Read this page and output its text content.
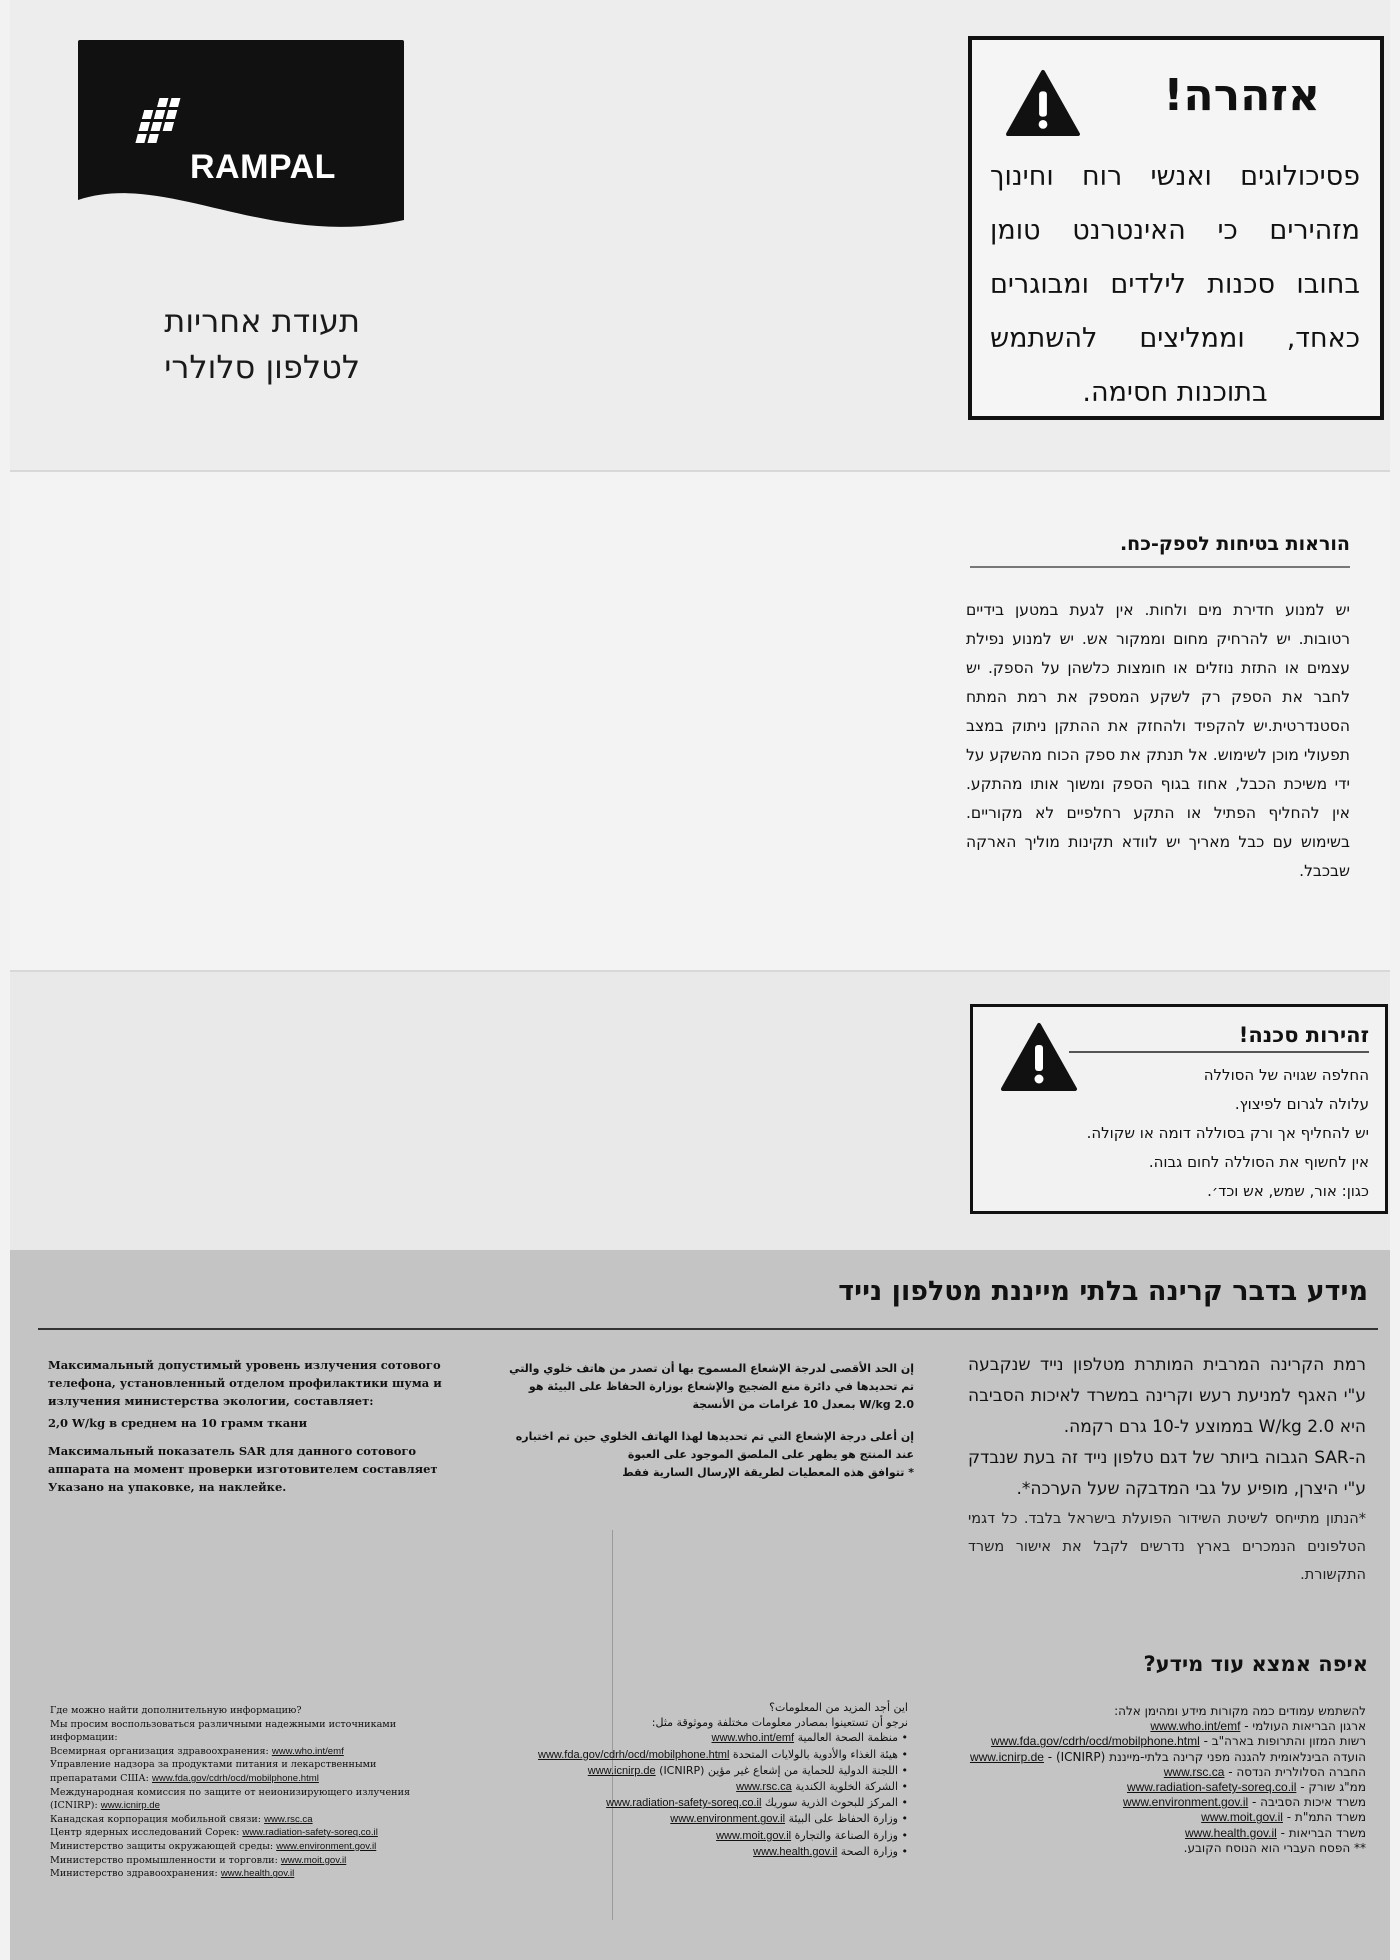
RAMPAL
תעודת אחריות
לטלפון סלולרי
אזהרה!
פסיכולוגים ואנשי רוח וחינוך מזהירים כי האינטרנט טומן בחובו סכנות לילדים ומבוגרים כאחד, וממליצים להשתמש בתוכנות חסימה.
הוראות בטיחות לספק-כח.
יש למנוע חדירת מים ולחות. אין לגעת במטען בידיים רטובות. יש להרחיק מחום וממקור אש. יש למנוע נפילת עצמים או התזת נוזלים או חומצות כלשהן על הספק. יש לחבר את הספק רק לשקע המספק את רמת המתח הסטנדרטית.יש להקפיד ולהחזק את ההתקן ניתוק במצב תפעולי מוכן לשימוש. אל תנתק את ספק הכוח מהשקע על ידי משיכת הכבל, אחוז בגוף הספק ומשוך אותו מהתקע. אין להחליף הפתיל או התקע רחלפיים לא מקוריים. בשימוש עם כבל מאריך יש לוודא תקינות מוליך הארקה שבכבל.
זהירות סכנה!
החלפה שגויה של הסוללה
עלולה לגרום לפיצוץ.
יש להחליף אך ורק בסוללה דומה או שקולה.
אין לחשוף את הסוללה לחום גבוה.
כגון: אור, שמש, אש וכד׳.
מידע בדבר קרינה בלתי מייננת מטלפון נייד
רמת הקרינה המרבית המותרת מטלפון נייד שנקבעה ע"י האגף למניעת רעש וקרינה במשרד לאיכות הסביבה היא 2.0 W/kg בממוצע ל-10 גרם רקמה.
ה-SAR הגבוה ביותר של דגם טלפון נייד זה בעת שנבדק ע"י היצרן, מופיע על גבי המדבקה שעל הערכה*.
*הנתון מתייחס לשיטת השידור הפועלת בישראל בלבד. כל דגמי הטלפונים הנמכרים בארץ נדרשים לקבל את אישור משרד התקשורת.
إن الحد الأقصى لدرجة الإشعاع المسموح بها أن تصدر من هاتف خلوي والتي تم تحديدها في دائرة منع الضجيج والإشعاع بوزارة الحفاظ على البيئة هو
2.0 W/kg بمعدل 10 غرامات من الأنسجة
إن أعلى درجة الإشعاع التي تم تحديدها لهذا الهاتف الخلوي حين تم اختباره عند المنتج هو يظهر على الملصق الموجود على العبوة
* تتوافق هذه المعطيات لطريقة الإرسال السارية فقط
Максимальный допустимый уровень излучения сотового телефона, установленный отделом профилактики шума и излучения министерства экологии, составляет:
2,0 W/kg в среднем на 10 грамм ткани
Максимальный показатель SAR для данного сотового аппарата на момент проверки изготовителем составляет Указано на упаковке, на наклейке.
איפה אמצא עוד מידע?
להשתמש עמודים כמה מקורות מידע ומהימן אלה:
ארגון הבריאות העולמי - www.who.int/emf
רשות המזון והתרופות בארה"ב - www.fda.gov/cdrh/ocd/mobilphone.html
הועדה הבינלאומית להגנה מפני קרינה בלתי-מייננת (ICNIRP) - www.icnirp.de
החברה הסלולרית הנדסה - www.rsc.ca
ממ"ג שורק - www.radiation-safety-soreq.co.il
משרד איכות הסביבה - www.environment.gov.il
משרד התמ"ת - www.moit.gov.il
משרד הבריאות - www.health.gov.il
** הפסח העברי הוא הנוסח הקובע.
اين أجد المزيد من المعلومات؟
نرجو أن تستعينوا بمصادر معلومات مختلفة وموثوقة مثل:
• منظمة الصحة العالمية www.who.int/emf
• هيئة الغذاء والأدوية بالولايات المتحدة www.fda.gov/cdrh/ocd/mobilphone.html
• اللجنة الدولية للحماية من إشعاع غير مؤين (ICNIRP) www.icnirp.de
• الشركة الخلوية الكندية www.rsc.ca
• المركز للبحوث الذرية سوريك www.radiation-safety-soreq.co.il
• وزارة الحفاظ على البيئة www.environment.gov.il
• وزارة الصناعة والتجارة www.moit.gov.il
• وزارة الصحة www.health.gov.il
Где можно найти дополнительную информацию?
Мы просим воспользоваться различными надежными источниками информации:
Всемирная организация здравоохранения: www.who.int/emf
Управление надзора за продуктами питания и лекарственными препаратами США: www.fda.gov/cdrh/ocd/mobilphone.html
Международная комиссия по защите от неионизирующего излучения (ICNIRP): www.icnirp.de
Канадская корпорация мобильной связи: www.rsc.ca
Центр ядерных исследований Сорек: www.radiation-safety-soreq.co.il
Министерство защиты окружающей среды: www.environment.gov.il
Министерство промышленности и торговли: www.moit.gov.il
Министерство здравоохранения: www.health.gov.il
